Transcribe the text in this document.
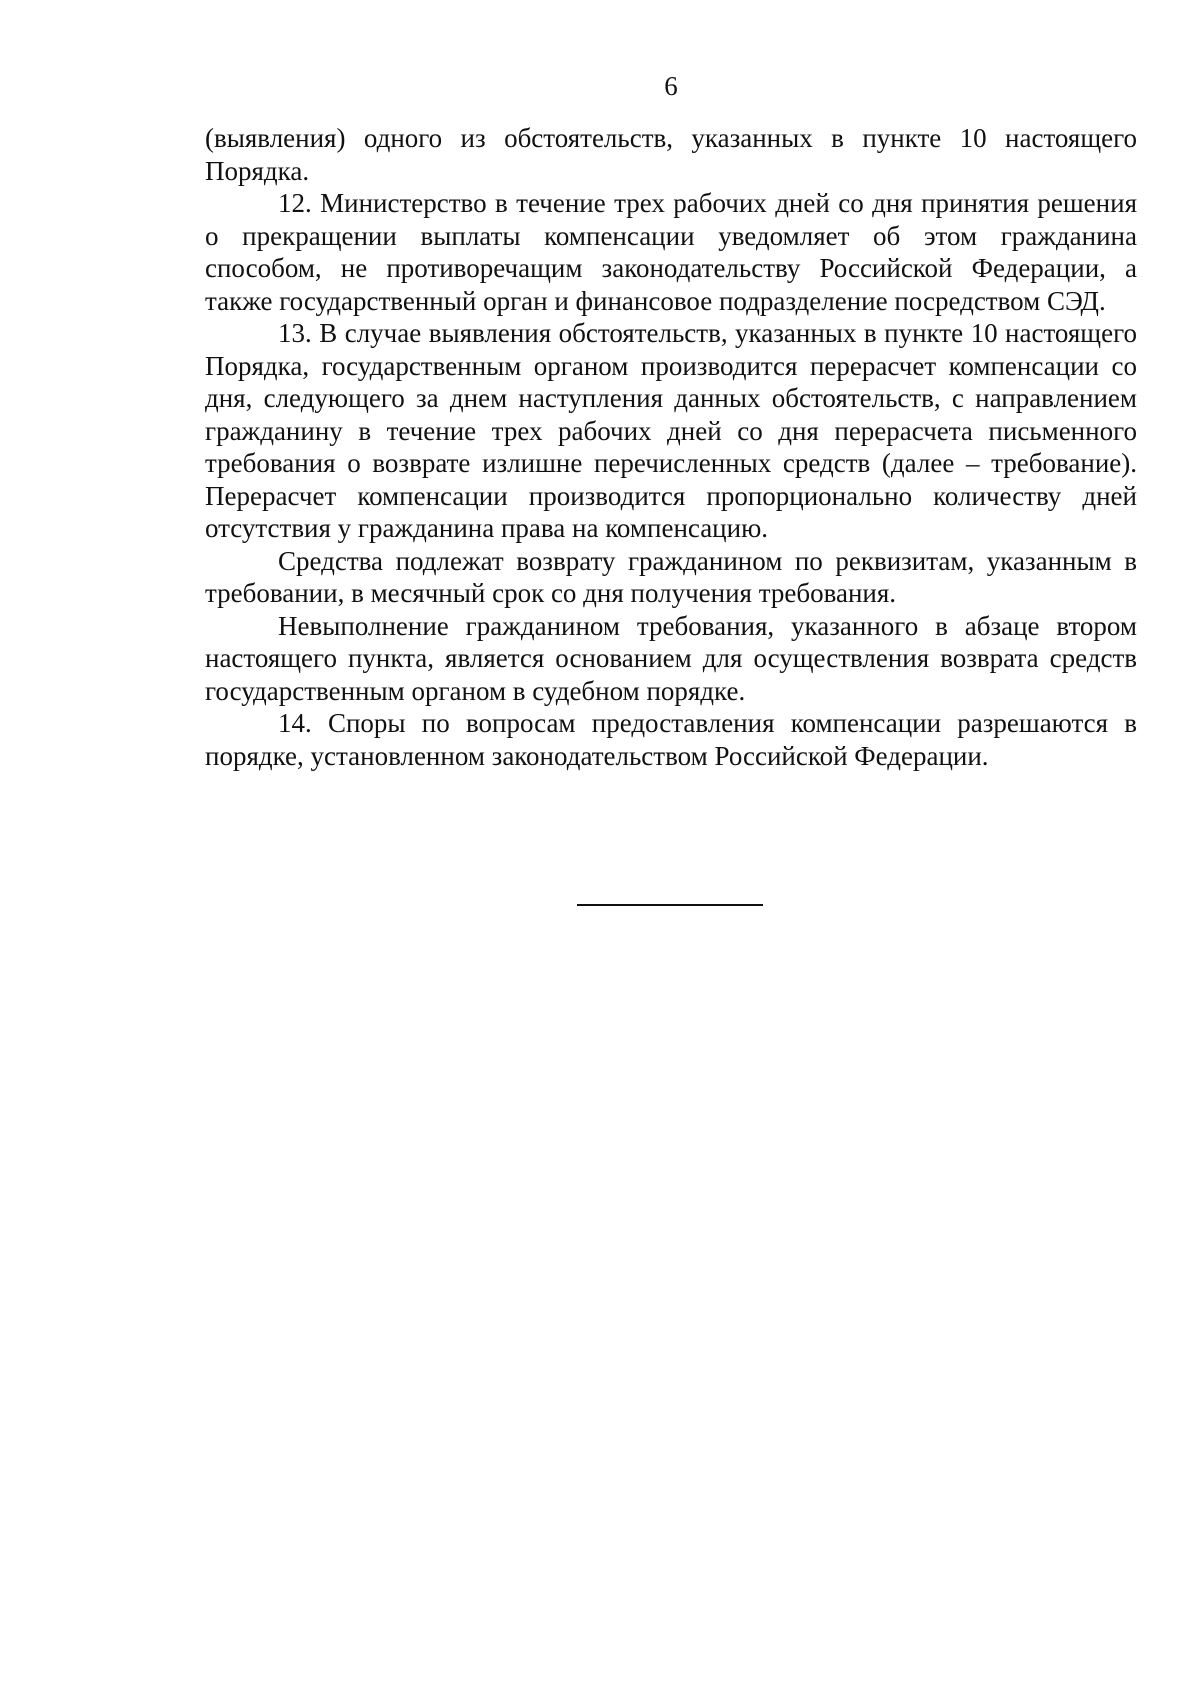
6

(выявления) одного из обстоятельств, указанных в пункте 10 настоящего Порядка.

12. Министерство в течение трех рабочих дней со дня принятия решения о прекращении выплаты компенсации уведомляет об этом гражданина способом, не противоречащим законодательству Российской Федерации, а также государственный орган и финансовое подразделение посредством СЭД.

13. В случае выявления обстоятельств, указанных в пункте 10 настоящего Порядка, государственным органом производится перерасчет компенсации со дня, следующего за днем наступления данных обстоятельств, с направлением гражданину в течение трех рабочих дней со дня перерасчета письменного требования о возврате излишне перечисленных средств (далее – требование). Перерасчет компенсации производится пропорционально количеству дней отсутствия у гражданина права на компенсацию.

Средства подлежат возврату гражданином по реквизитам, указанным в требовании, в месячный срок со дня получения требования.

Невыполнение гражданином требования, указанного в абзаце втором настоящего пункта, является основанием для осуществления возврата средств государственным органом в судебном порядке.

14. Споры по вопросам предоставления компенсации разрешаются в порядке, установленном законодательством Российской Федерации.
